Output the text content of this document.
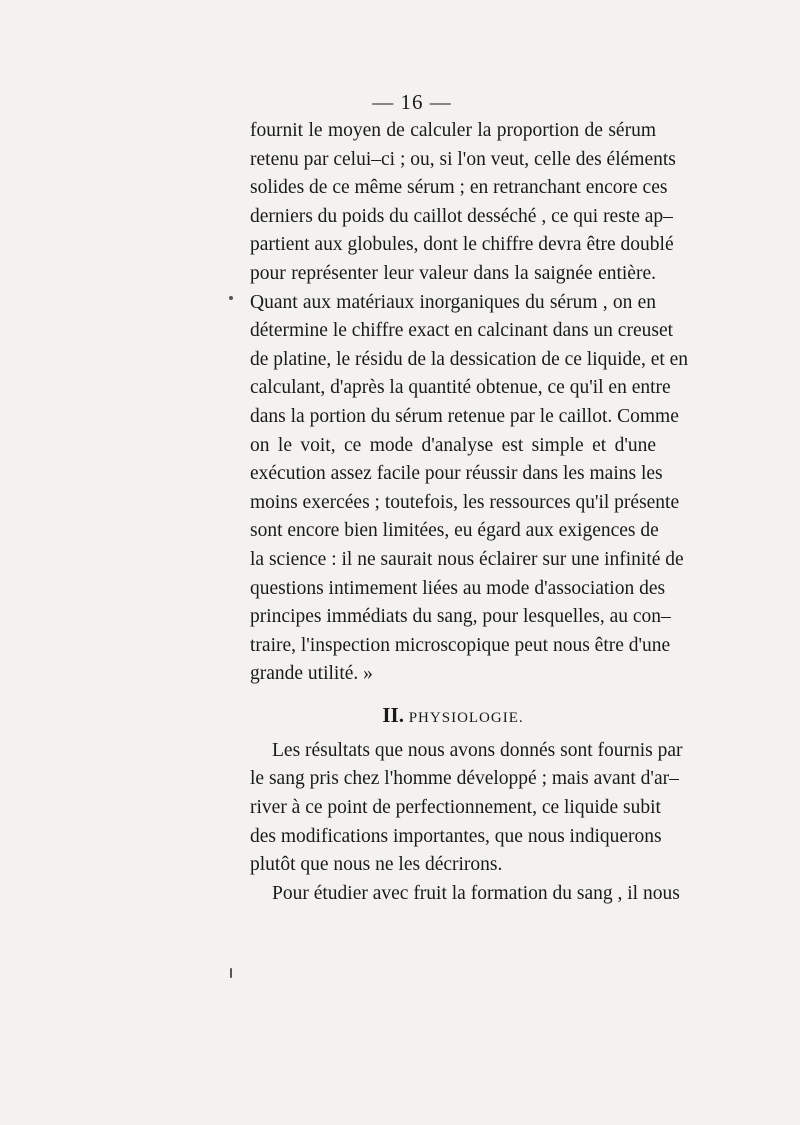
— 16 —
fournit le moyen de calculer la proportion de sérum
retenu par celui–ci ; ou, si l'on veut, celle des éléments
solides de ce même sérum ; en retranchant encore ces
derniers du poids du caillot desséché , ce qui reste ap–
partient aux globules, dont le chiffre devra être doublé
pour représenter leur valeur dans la saignée entière.
Quant aux matériaux inorganiques du sérum , on en
détermine le chiffre exact en calcinant dans un creuset
de platine, le résidu de la dessication de ce liquide, et en
calculant, d'après la quantité obtenue, ce qu'il en entre
dans la portion du sérum retenue par le caillot. Comme
on le voit, ce mode d'analyse est simple et d'une
exécution assez facile pour réussir dans les mains les
moins exercées ; toutefois, les ressources qu'il présente
sont encore bien limitées, eu égard aux exigences de
la science : il ne saurait nous éclairer sur une infinité de
questions intimement liées au mode d'association des
principes immédiats du sang, pour lesquelles, au con–
traire, l'inspection microscopique peut nous être d'une
grande utilité. »
II. PHYSIOLOGIE.
Les résultats que nous avons donnés sont fournis par
le sang pris chez l'homme développé ; mais avant d'ar–
river à ce point de perfectionnement, ce liquide subit
des modifications importantes, que nous indiquerons
plutôt que nous ne les décrirons.
Pour étudier avec fruit la formation du sang , il nous
